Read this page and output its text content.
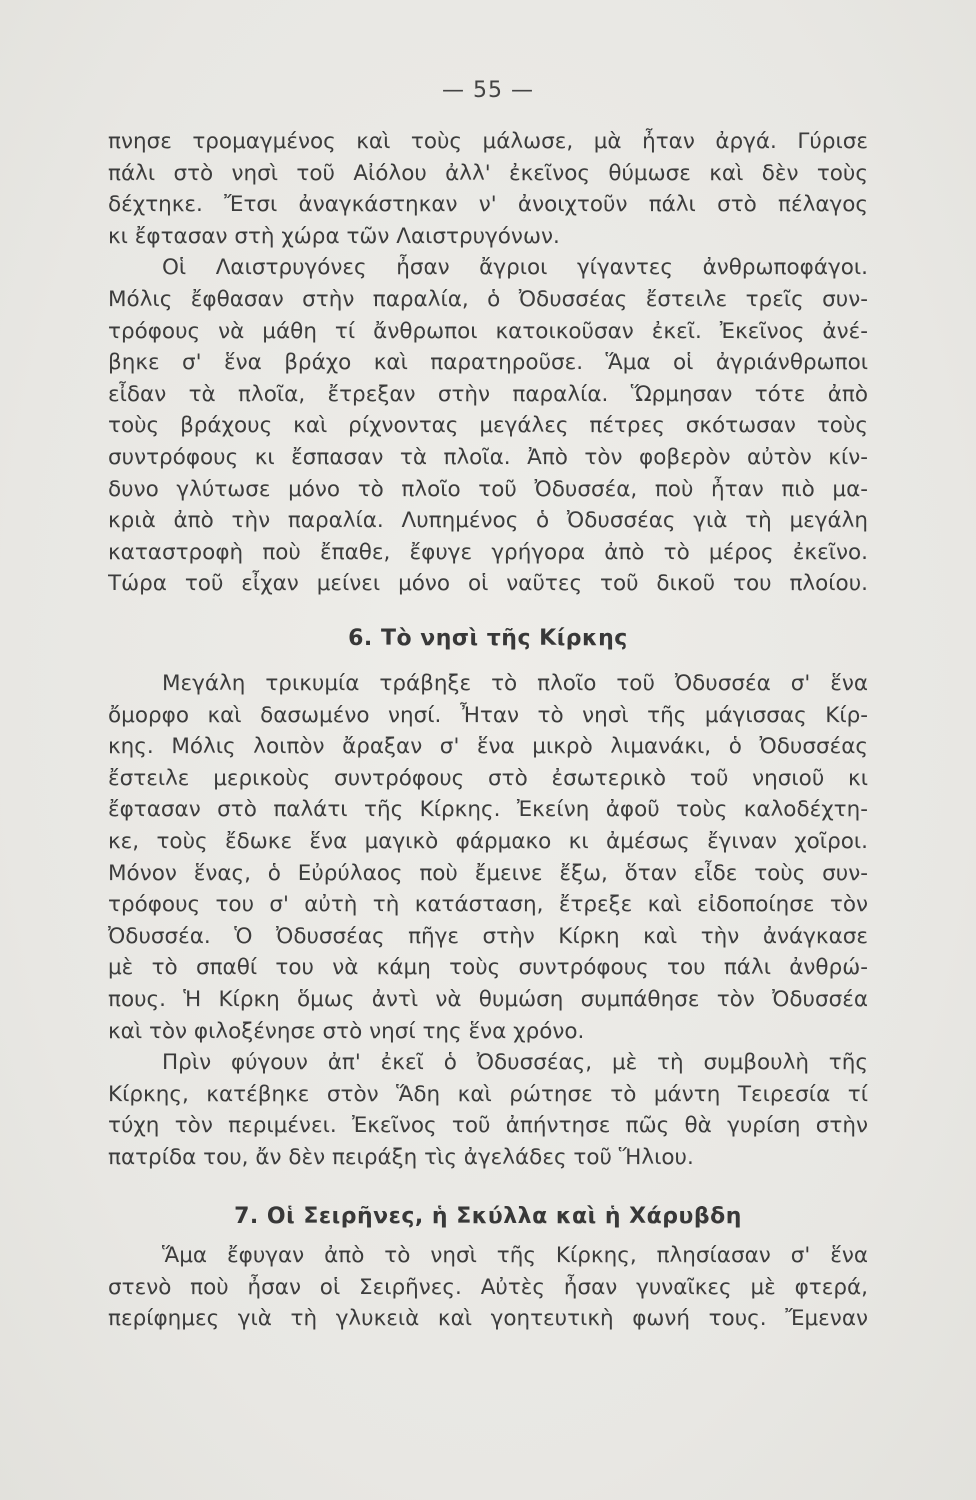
— 55 —
πνησε τρομαγμένος καὶ τοὺς μάλωσε, μὰ ἦταν ἀργά. Γύρισε
πάλι στὸ νησὶ τοῦ Αἰόλου ἀλλ' ἐκεῖνος θύμωσε καὶ δὲν τοὺς
δέχτηκε. Ἔτσι ἀναγκάστηκαν ν' ἀνοιχτοῦν πάλι στὸ πέλαγος
κι ἔφτασαν στὴ χώρα τῶν Λαιστρυγόνων.
Οἱ Λαιστρυγόνες ἦσαν ἄγριοι γίγαντες ἀνθρωποφάγοι.
Μόλις ἔφθασαν στὴν παραλία, ὁ Ὀδυσσέας ἔστειλε τρεῖς συν-
τρόφους νὰ μάθη τί ἄνθρωποι κατοικοῦσαν ἐκεῖ. Ἐκεῖνος ἀνέ-
βηκε σ' ἕνα βράχο καὶ παρατηροῦσε. Ἅμα οἱ ἀγριάνθρωποι
εἶδαν τὰ πλοῖα, ἔτρεξαν στὴν παραλία. Ὥρμησαν τότε ἀπὸ
τοὺς βράχους καὶ ρίχνοντας μεγάλες πέτρες σκότωσαν τοὺς
συντρόφους κι ἔσπασαν τὰ πλοῖα. Ἀπὸ τὸν φοβερὸν αὐτὸν κίν-
δυνο γλύτωσε μόνο τὸ πλοῖο τοῦ Ὀδυσσέα, ποὺ ἦταν πιὸ μα-
κριὰ ἀπὸ τὴν παραλία. Λυπημένος ὁ Ὀδυσσέας γιὰ τὴ μεγάλη
καταστροφὴ ποὺ ἔπαθε, ἔφυγε γρήγορα ἀπὸ τὸ μέρος ἐκεῖνο.
Τώρα τοῦ εἶχαν μείνει μόνο οἱ ναῦτες τοῦ δικοῦ του πλοίου.
6. Τὸ νησὶ τῆς Κίρκης
Μεγάλη τρικυμία τράβηξε τὸ πλοῖο τοῦ Ὀδυσσέα σ' ἕνα
ὄμορφο καὶ δασωμένο νησί. Ἦταν τὸ νησὶ τῆς μάγισσας Κίρ-
κης. Μόλις λοιπὸν ἄραξαν σ' ἕνα μικρὸ λιμανάκι, ὁ Ὀδυσσέας
ἔστειλε μερικοὺς συντρόφους στὸ ἐσωτερικὸ τοῦ νησιοῦ κι
ἔφτασαν στὸ παλάτι τῆς Κίρκης. Ἐκείνη ἀφοῦ τοὺς καλοδέχτη-
κε, τοὺς ἔδωκε ἕνα μαγικὸ φάρμακο κι ἀμέσως ἔγιναν χοῖροι.
Μόνον ἕνας, ὁ Εὐρύλαος ποὺ ἔμεινε ἔξω, ὅταν εἶδε τοὺς συν-
τρόφους του σ' αὐτὴ τὴ κατάσταση, ἔτρεξε καὶ εἰδοποίησε τὸν
Ὀδυσσέα. Ὁ Ὀδυσσέας πῆγε στὴν Κίρκη καὶ τὴν ἀνάγκασε
μὲ τὸ σπαθί του νὰ κάμη τοὺς συντρόφους του πάλι ἀνθρώ-
πους. Ἡ Κίρκη ὅμως ἀντὶ νὰ θυμώση συμπάθησε τὸν Ὀδυσσέα
καὶ τὸν φιλοξένησε στὸ νησί της ἕνα χρόνο.
Πρὶν φύγουν ἀπ' ἐκεῖ ὁ Ὀδυσσέας, μὲ τὴ συμβουλὴ τῆς
Κίρκης, κατέβηκε στὸν Ἅδη καὶ ρώτησε τὸ μάντη Τειρεσία τί
τύχη τὸν περιμένει. Ἐκεῖνος τοῦ ἀπήντησε πῶς θὰ γυρίση στὴν
πατρίδα του, ἄν δὲν πειράξη τὶς ἀγελάδες τοῦ Ἥλιου.
7. Οἱ Σειρῆνες, ἡ Σκύλλα καὶ ἡ Χάρυβδη
Ἅμα ἔφυγαν ἀπὸ τὸ νησὶ τῆς Κίρκης, πλησίασαν σ' ἕνα
στενὸ ποὺ ἦσαν οἱ Σειρῆνες. Αὐτὲς ἦσαν γυναῖκες μὲ φτερά,
περίφημες γιὰ τὴ γλυκειὰ καὶ γοητευτικὴ φωνή τους. Ἔμεναν
